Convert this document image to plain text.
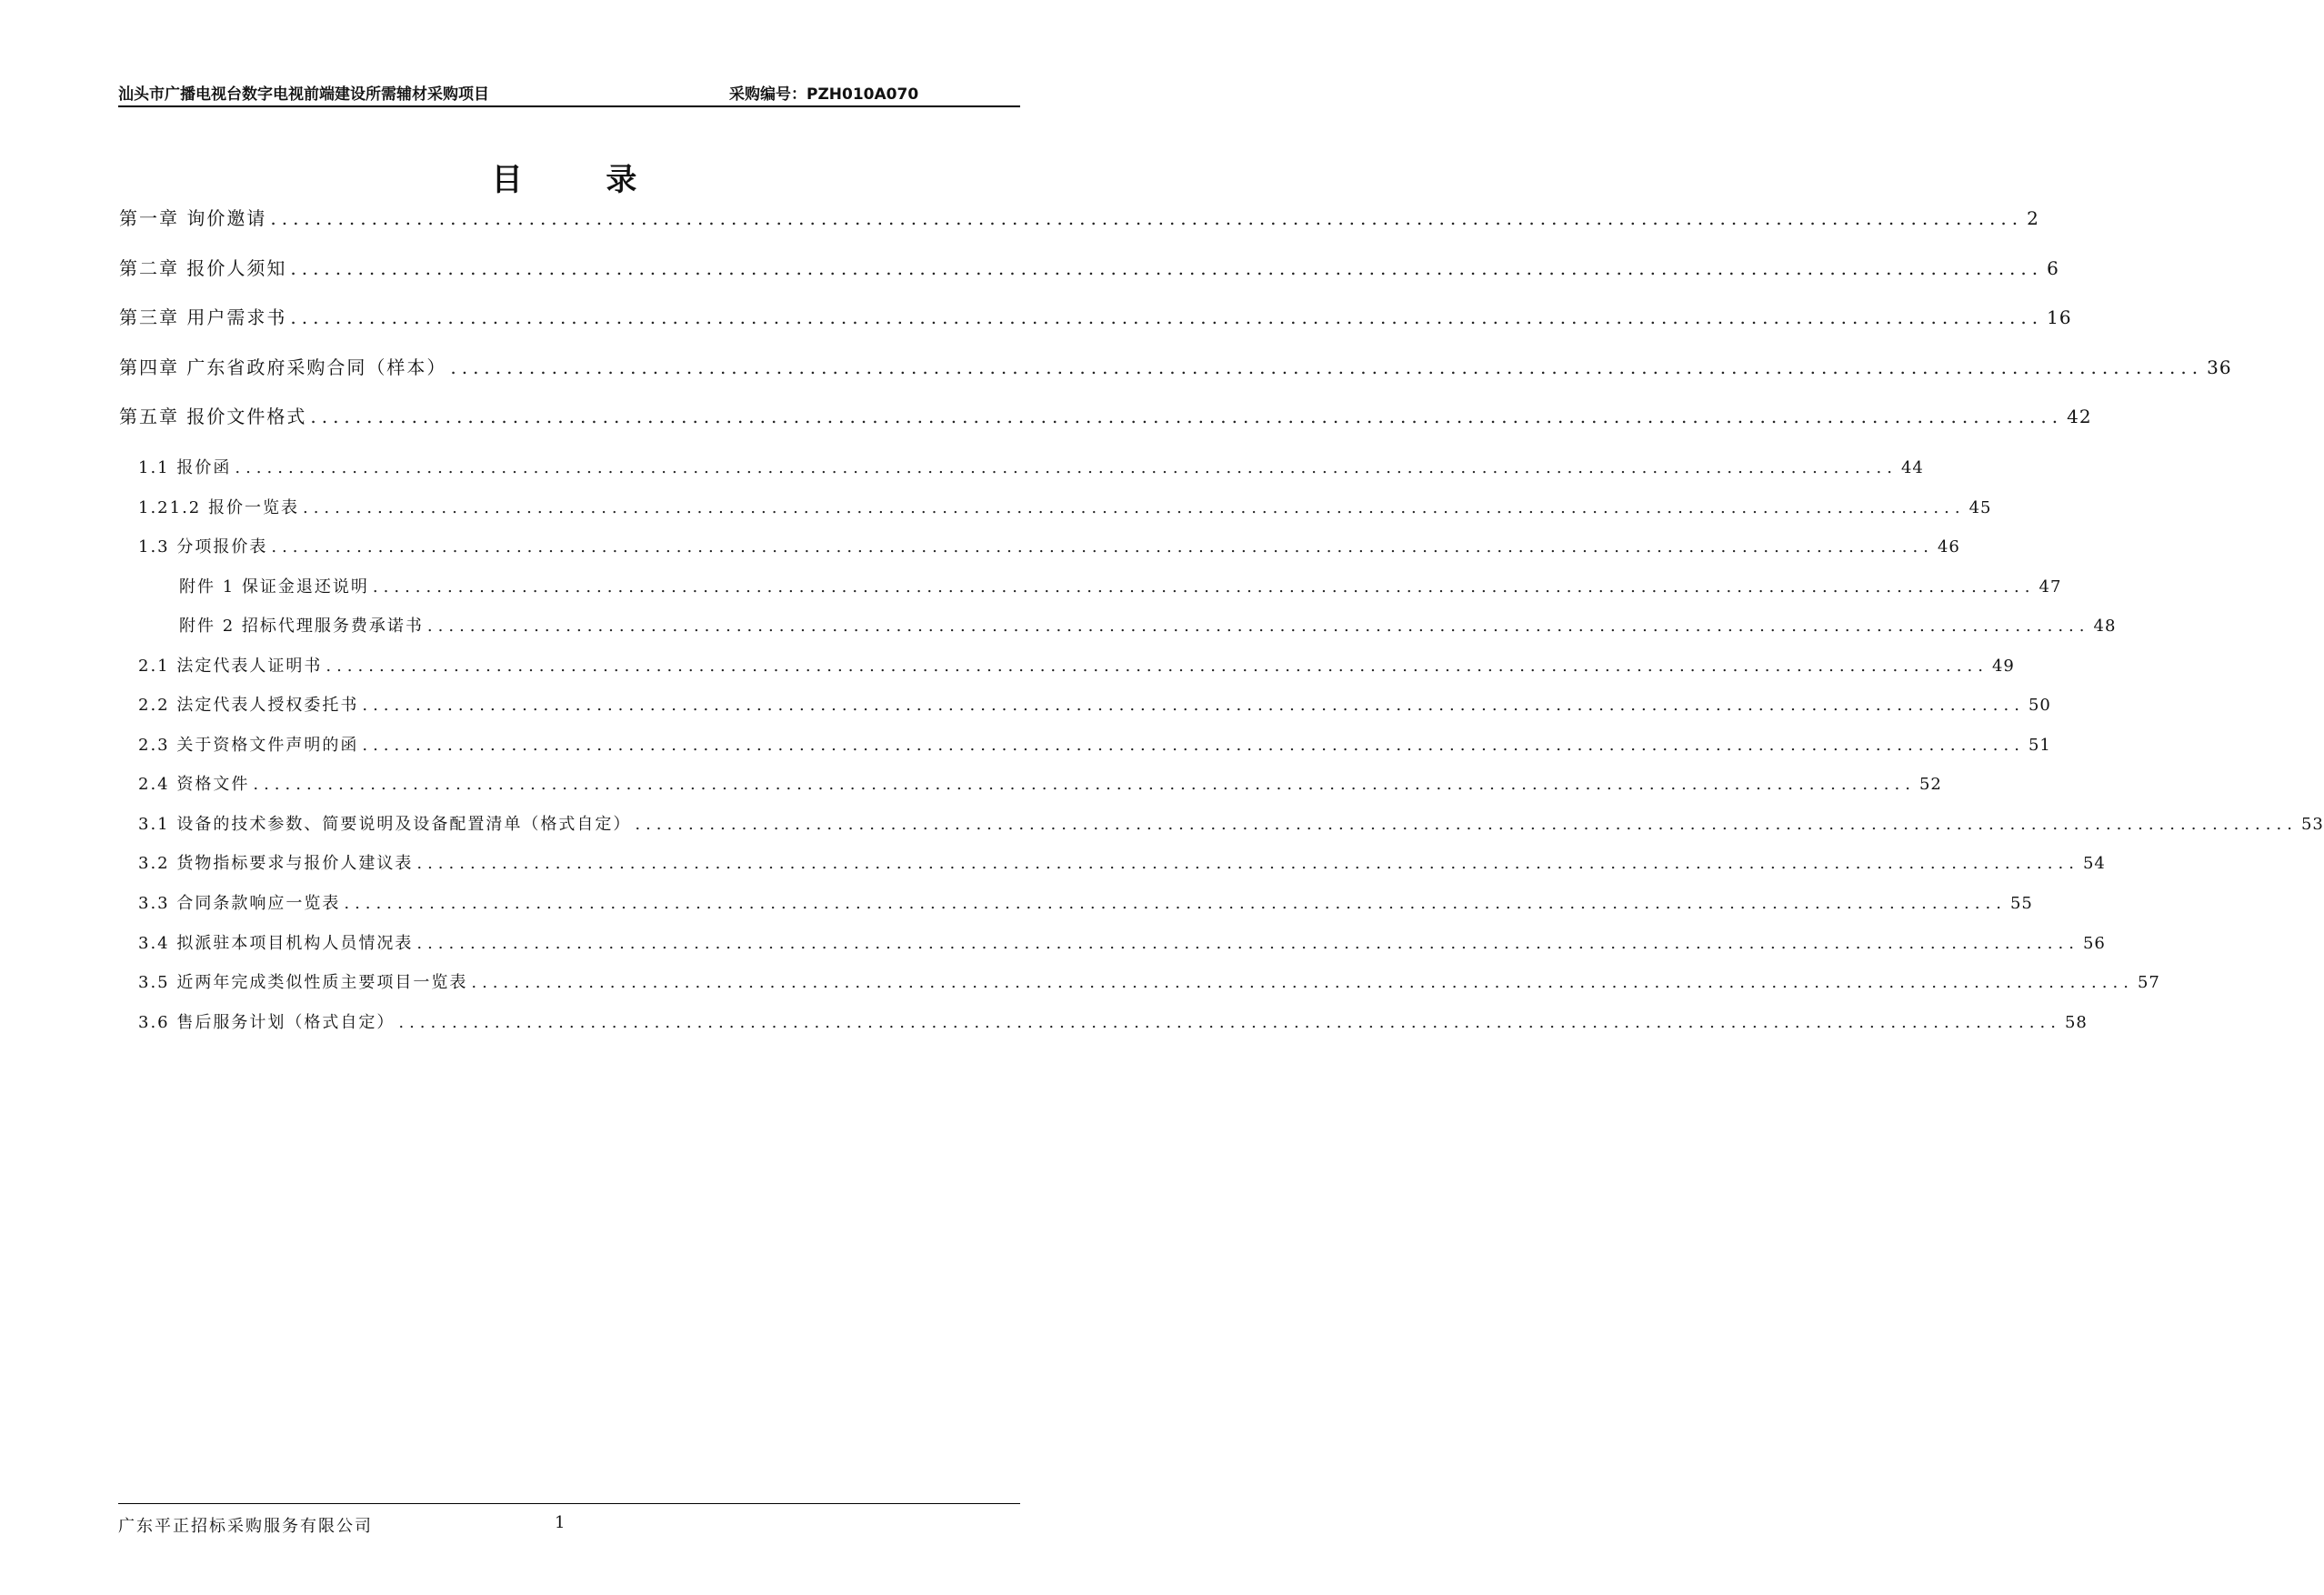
汕头市广播电视台数字电视前端建设所需辅材采购项目	采购编号：PZH010A070
目 录
第一章 询价邀请 ............................................................................................................................................................ 2
第二章 报价人须知 ............................................................................................................................................................ 6
第三章 用户需求书 ............................................................................................................................................................ 16
第四章 广东省政府采购合同（样本） ............................................................................................................................................................ 36
第五章 报价文件格式 ............................................................................................................................................................ 42
1.1 报价函 ............................................................................................................................................................ 44
1.21.2 报价一览表 ............................................................................................................................................................ 45
1.3 分项报价表 ............................................................................................................................................................ 46
附件 1 保证金退还说明 ............................................................................................................................................................ 47
附件 2 招标代理服务费承诺书 ............................................................................................................................................................ 48
2.1 法定代表人证明书 ............................................................................................................................................................ 49
2.2 法定代表人授权委托书 ............................................................................................................................................................ 50
2.3 关于资格文件声明的函 ............................................................................................................................................................ 51
2.4 资格文件 ............................................................................................................................................................ 52
3.1 设备的技术参数、简要说明及设备配置清单（格式自定） ............................................................................................................................................................ 53
3.2 货物指标要求与报价人建议表 ............................................................................................................................................................ 54
3.3 合同条款响应一览表 ............................................................................................................................................................ 55
3.4 拟派驻本项目机构人员情况表 ............................................................................................................................................................ 56
3.5 近两年完成类似性质主要项目一览表 ............................................................................................................................................................ 57
3.6 售后服务计划（格式自定） ............................................................................................................................................................ 58
广东平正招标采购服务有限公司	1
